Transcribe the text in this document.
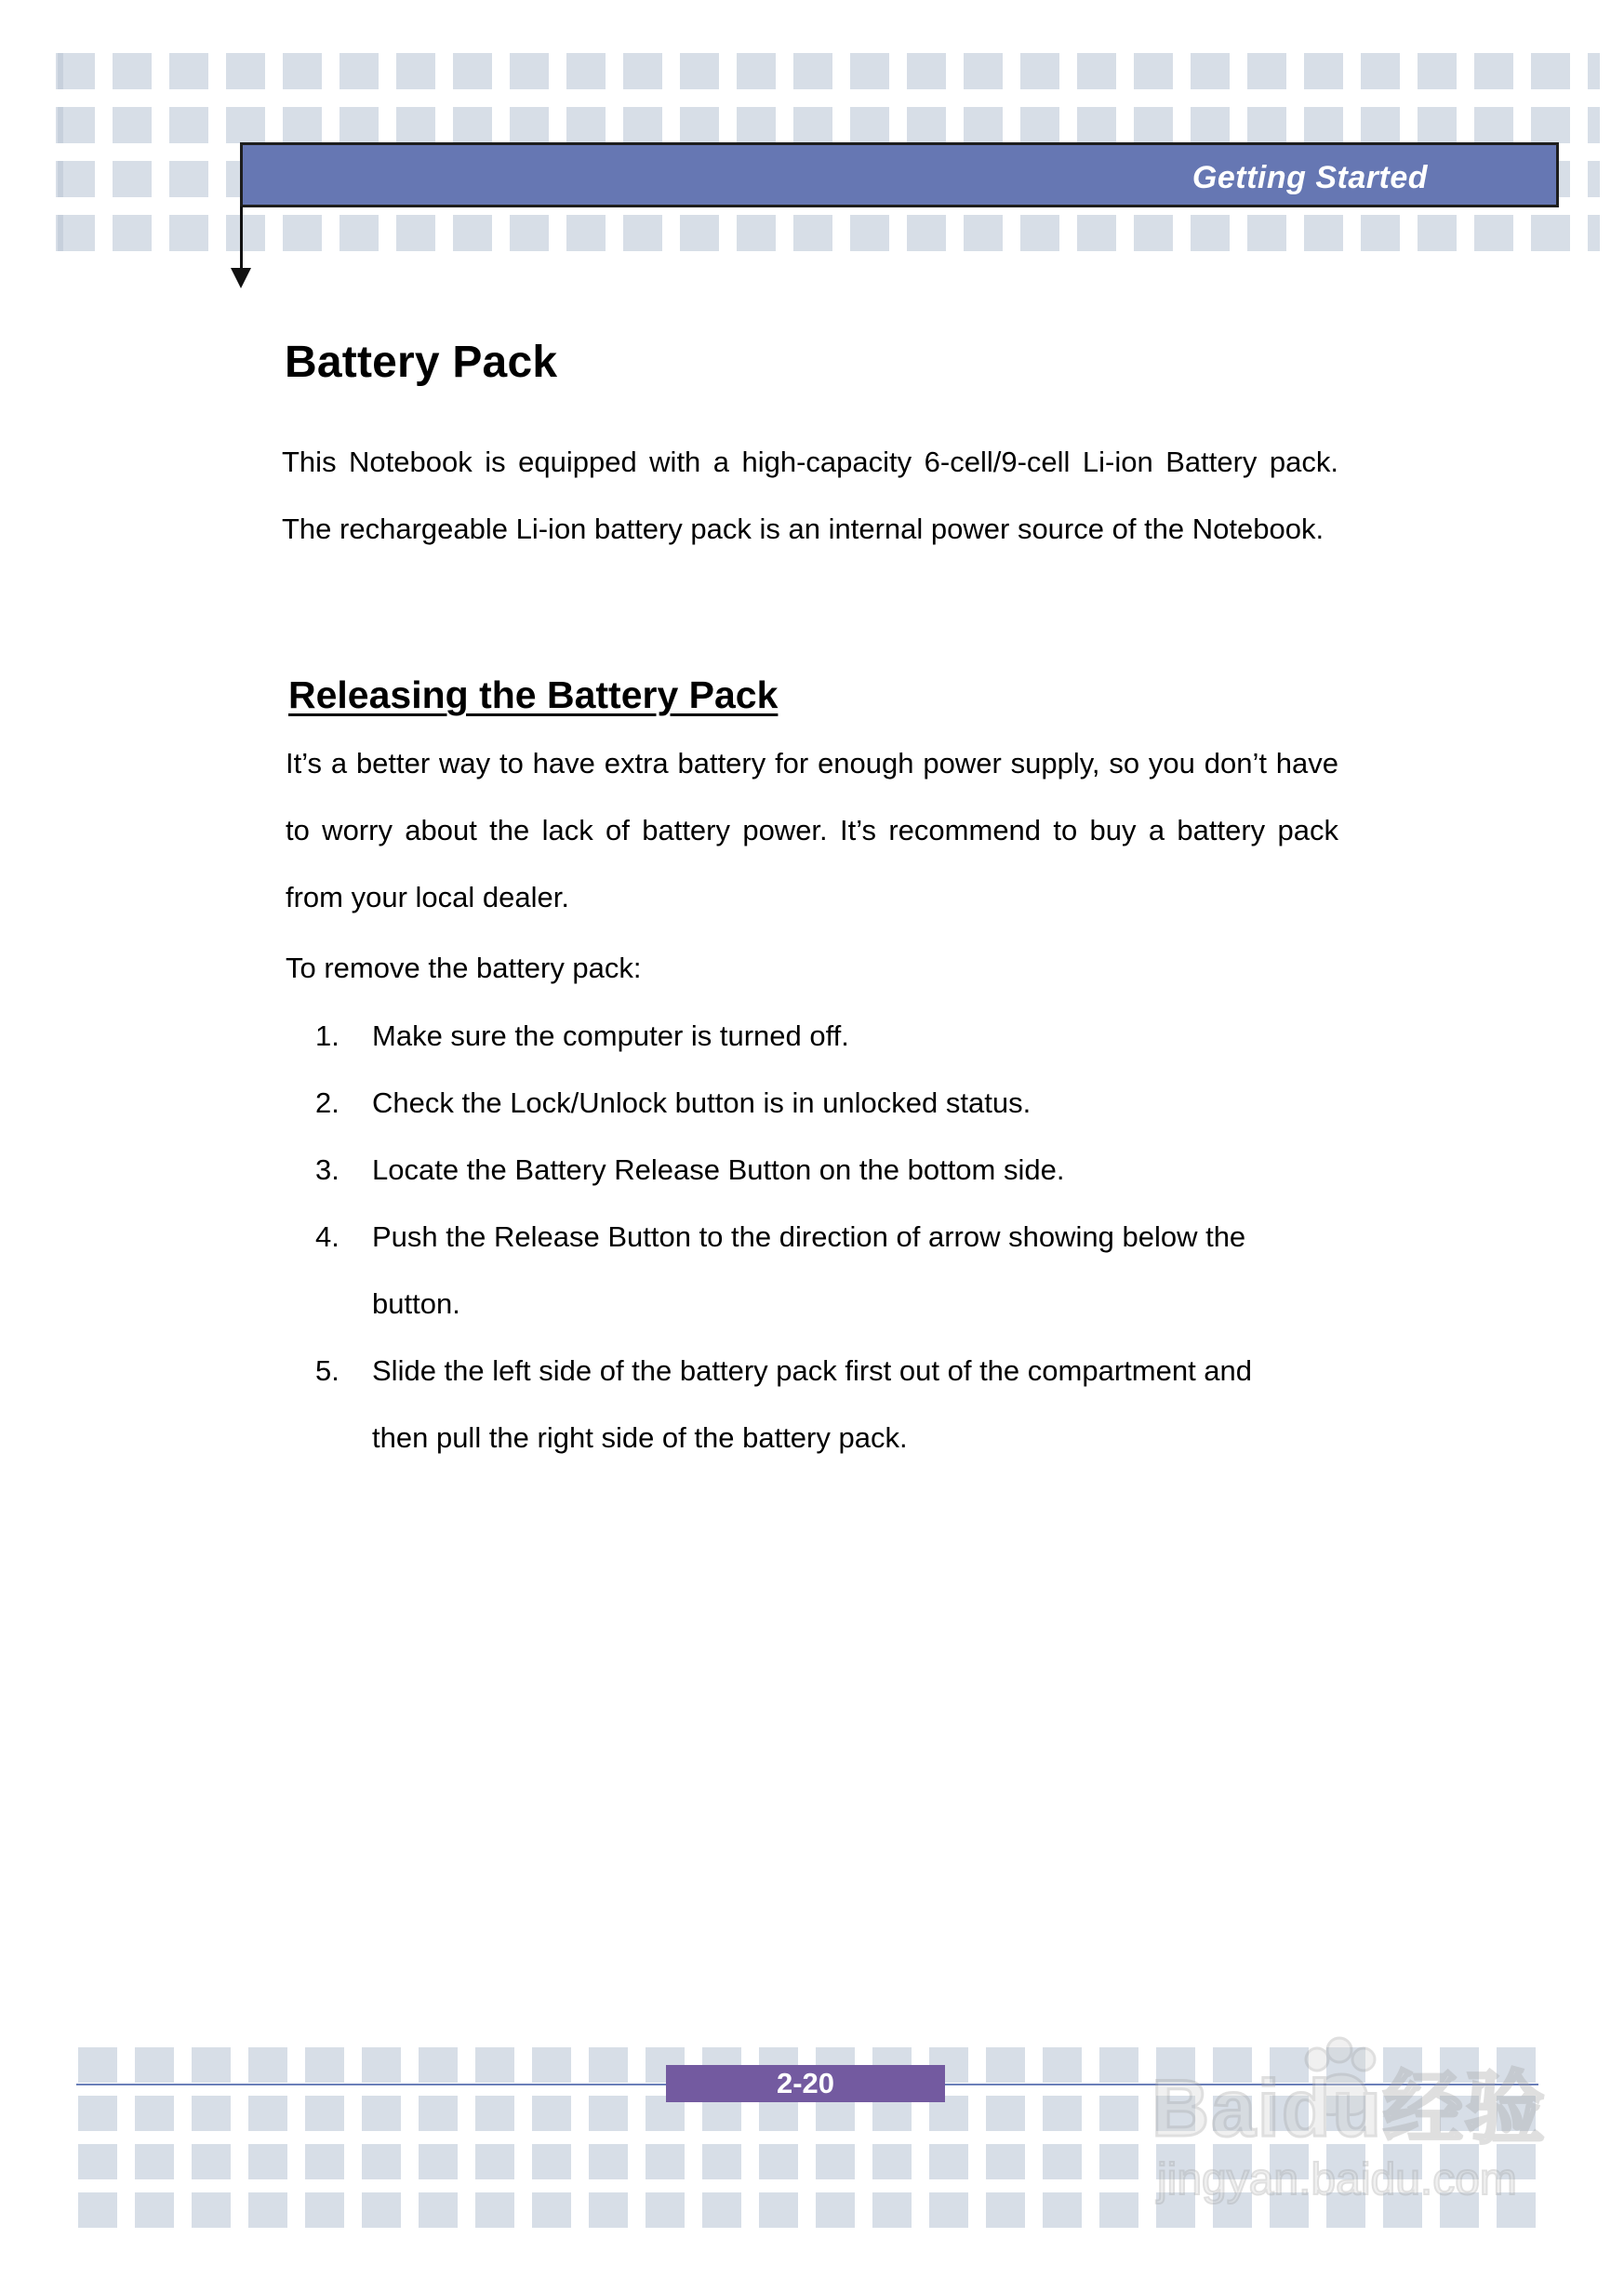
Getting Started
Battery Pack

This Notebook is equipped with a high-capacity 6-cell/9-cell Li-ion Battery pack. The rechargeable Li-ion battery pack is an internal power source of the Notebook.

Releasing the Battery Pack

It’s a better way to have extra battery for enough power supply, so you don’t have to worry about the lack of battery power. It’s recommend to buy a battery pack from your local dealer.

To remove the battery pack:
1.	Make sure the computer is turned off.
2.	Check the Lock/Unlock button is in unlocked status.
3.	Locate the Battery Release Button on the bottom side.
4.	Push the Release Button to the direction of arrow showing below the button.
5.	Slide the left side of the battery pack first out of the compartment and then pull the right side of the battery pack.
2-20	Baidu经验
jingyan.baidu.com
